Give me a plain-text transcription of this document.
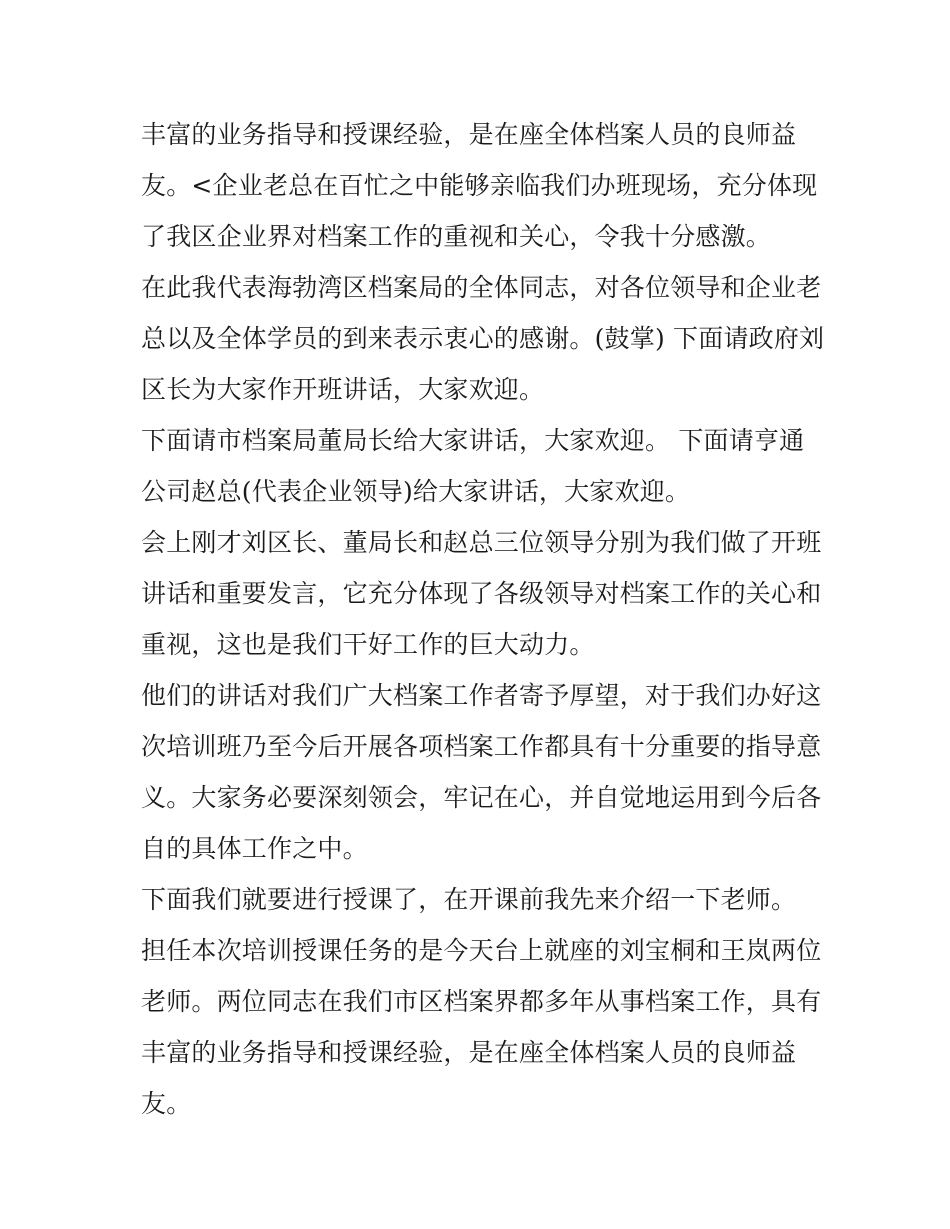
丰富的业务指导和授课经验，是在座全体档案人员的良师益
友。<企业老总在百忙之中能够亲临我们办班现场，充分体现
了我区企业界对档案工作的重视和关心，令我十分感激。
在此我代表海勃湾区档案局的全体同志，对各位领导和企业老
总以及全体学员的到来表示衷心的感谢。(鼓掌) 下面请政府刘
区长为大家作开班讲话，大家欢迎。
下面请市档案局董局长给大家讲话，大家欢迎。 下面请亨通
公司赵总(代表企业领导)给大家讲话，大家欢迎。
会上刚才刘区长、董局长和赵总三位领导分别为我们做了开班
讲话和重要发言，它充分体现了各级领导对档案工作的关心和
重视，这也是我们干好工作的巨大动力。
他们的讲话对我们广大档案工作者寄予厚望，对于我们办好这
次培训班乃至今后开展各项档案工作都具有十分重要的指导意
义。大家务必要深刻领会，牢记在心，并自觉地运用到今后各
自的具体工作之中。
下面我们就要进行授课了，在开课前我先来介绍一下老师。
担任本次培训授课任务的是今天台上就座的刘宝桐和王岚两位
老师。两位同志在我们市区档案界都多年从事档案工作，具有
丰富的业务指导和授课经验，是在座全体档案人员的良师益
友。
